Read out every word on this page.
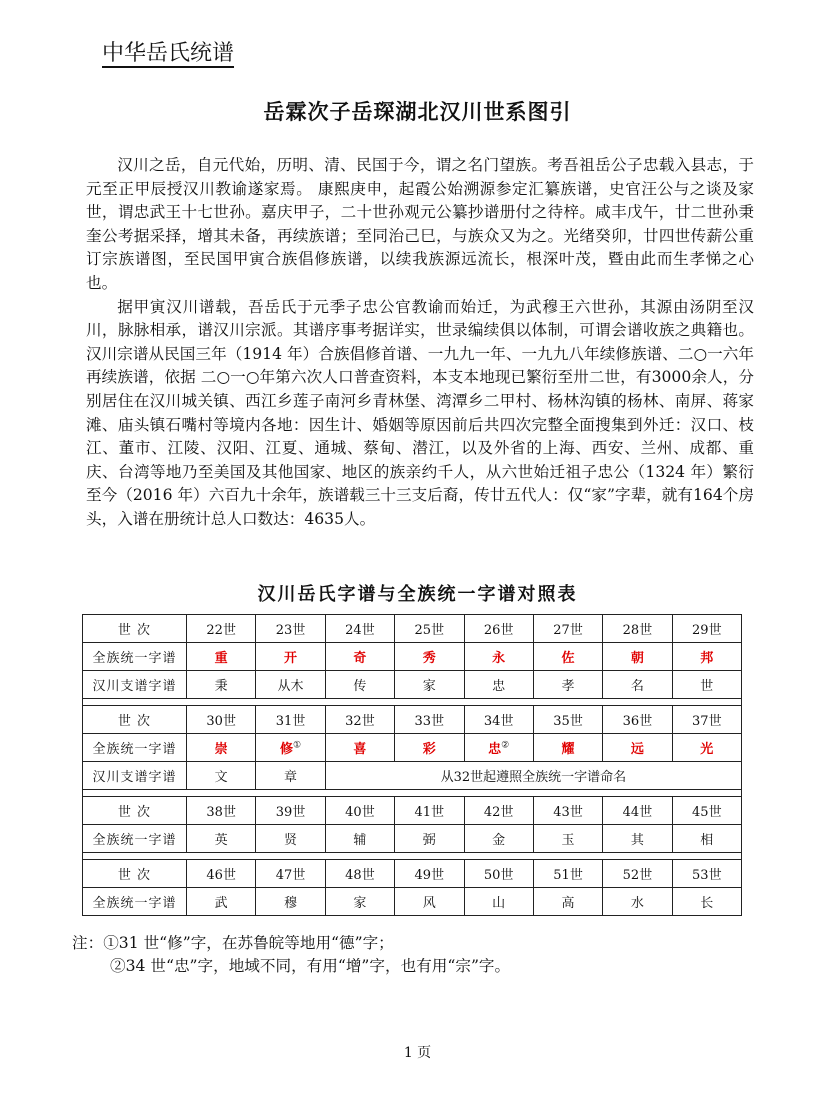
中华岳氏统谱
岳霖次子岳琛湖北汉川世系图引

汉川之岳，自元代始，历明、清、民国于今，谓之名门望族。考吾祖岳公子忠载入县志，于元至正甲辰授汉川教谕遂家焉。 康熙庚申，起霞公始溯源参定汇纂族谱，史官汪公与之谈及家世，谓忠武王十七世孙。嘉庆甲子，二十世孙观元公纂抄谱册付之待梓。咸丰戊午，廿二世孙秉奎公考据采择，增其未备，再续族谱；至同治己巳，与族众又为之。光绪癸卯，廿四世传薪公重订宗族谱图，至民国甲寅合族倡修族谱，以续我族源远流长，根深叶茂，暨由此而生孝悌之心也。

据甲寅汉川谱载，吾岳氏于元季子忠公官教谕而始迁，为武穆王六世孙，其源由汤阴至汉川，脉脉相承，谱汉川宗派。其谱序事考据详实，世录编续俱以体制，可谓会谱收族之典籍也。汉川宗谱从民国三年（1914 年）合族倡修首谱、一九九一年、一九九八年续修族谱、二○一六年再续族谱，依据 二○一○年第六次人口普查资料，本支本地现已繁衍至卅二世，有3000余人，分别居住在汉川城关镇、西江乡莲子南河乡青林堡、湾潭乡二甲村、杨林沟镇的杨林、南屏、蒋家滩、庙头镇石嘴村等境内各地：因生计、婚姻等原因前后共四次完整全面搜集到外迁：汉口、枝江、董市、江陵、汉阳、江夏、通城、蔡甸、潜江，以及外省的上海、西安、兰州、成都、重庆、台湾等地乃至美国及其他国家、地区的族亲约千人，从六世始迁祖子忠公（1324 年）繁衍至今（2016 年）六百九十余年，族谱载三十三支后裔，传廿五代人：仅“家”字辈，就有164个房头，入谱在册统计总人口数达：4635人。

汉川岳氏字谱与全族统一字谱对照表
世 次	22世	23世	24世	25世	26世	27世	28世	29世
全族统一字谱	重	开	奇	秀	永	佐	朝	邦
汉川支谱字谱	秉	从木	传	家	忠	孝	名	世

世 次	30世	31世	32世	33世	34世	35世	36世	37世
全族统一字谱	崇	修①	喜	彩	忠②	耀	远	光
汉川支谱字谱	文	章	从32世起遵照全族统一字谱命名					

世 次	38世	39世	40世	41世	42世	43世	44世	45世
全族统一字谱	英	贤	辅	弼	金	玉	其	相

世 次	46世	47世	48世	49世	50世	51世	52世	53世
全族统一字谱	武	穆	家	风	山	高	水	长
注：①31 世“修”字，在苏鲁皖等地用“德”字；
②34 世“忠”字，地域不同，有用“增”字，也有用“宗”字。
1 页
